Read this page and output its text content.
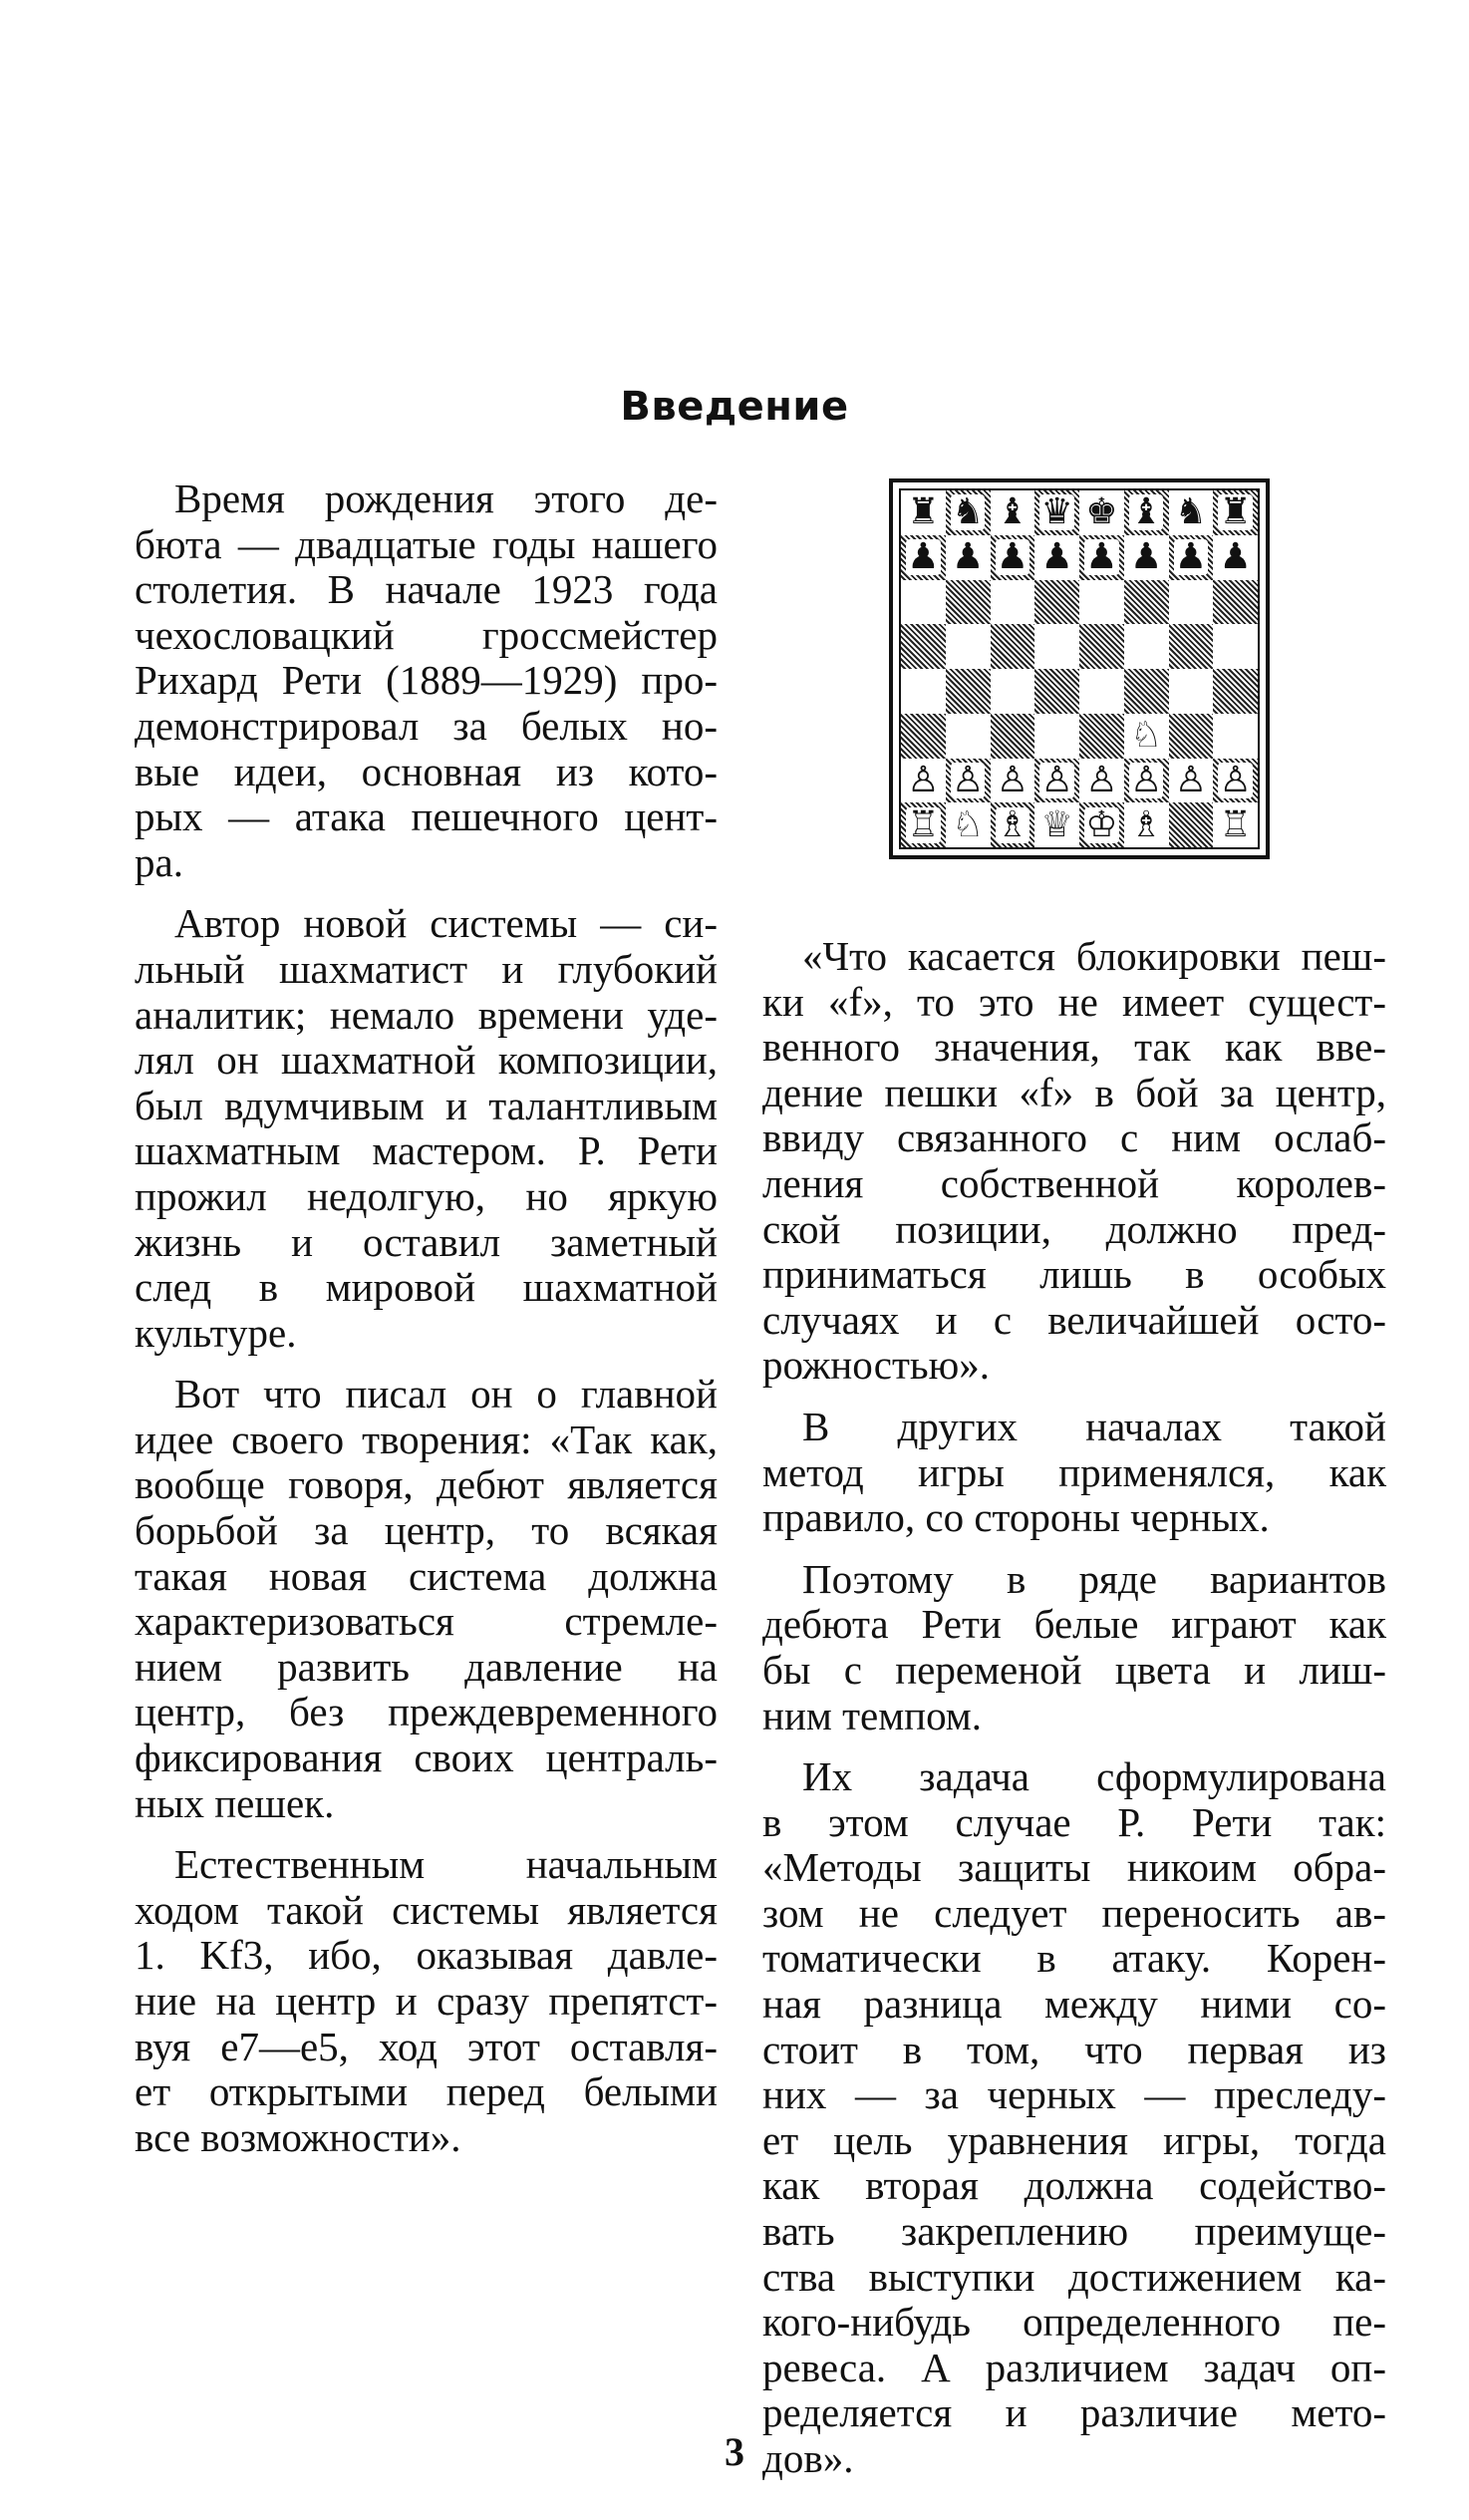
Введение

Время рождения этого де-
бюта — двадцатые годы нашего
столетия. В начале 1923 года
чехословацкий гроссмейстер
Рихард Рети (1889—1929) про-
демонстрировал за белых но-
вые идеи, основная из кото-
рых — атака пешечного цент-
ра.

Автор новой системы — си-
льный шахматист и глубокий
аналитик; немало времени уде-
лял он шахматной композиции,
был вдумчивым и талантливым
шахматным мастером. Р. Рети
прожил недолгую, но яркую
жизнь и оставил заметный
след в мировой шахматной
культуре.

Вот что писал он о главной
идее своего творения: «Так как,
вообще говоря, дебют является
борьбой за центр, то всякая
такая новая система должна
характеризоваться стремле-
нием развить давление на
центр, без преждевременного
фиксирования своих централь-
ных пешек.

Естественным начальным
ходом такой системы является
1. Kf3, ибо, оказывая давле-
ние на центр и сразу препятст-
вуя e7—e5, ход этот оставля-
ет открытыми перед белыми
все возможности».

♜ ♞ ♝ ♛ ♚ ♝ ♞ ♜
♟ ♟ ♟ ♟ ♟ ♟ ♟ ♟
♘
♙ ♙ ♙ ♙ ♙ ♙ ♙ ♙
♖ ♘ ♗ ♕ ♔ ♗ ♖

«Что касается блокировки пеш-
ки «f», то это не имеет сущест-
венного значения, так как вве-
дение пешки «f» в бой за центр,
ввиду связанного с ним ослаб-
ления собственной королев-
ской позиции, должно пред-
приниматься лишь в особых
случаях и с величайшей осто-
рожностью».

В других началах такой
метод игры применялся, как
правило, со стороны черных.

Поэтому в ряде вариантов
дебюта Рети белые играют как
бы с переменой цвета и лиш-
ним темпом.

Их задача сформулирована
в этом случае Р. Рети так:
«Методы защиты никоим обра-
зом не следует переносить ав-
томатически в атаку. Корен-
ная разница между ними со-
стоит в том, что первая из
них — за черных — преследу-
ет цель уравнения игры, тогда
как вторая должна содейство-
вать закреплению преимуще-
ства выступки достижением ка-
кого-нибудь определенного пе-
ревеса. А различием задач оп-
ределяется и различие мето-
дов».

3
